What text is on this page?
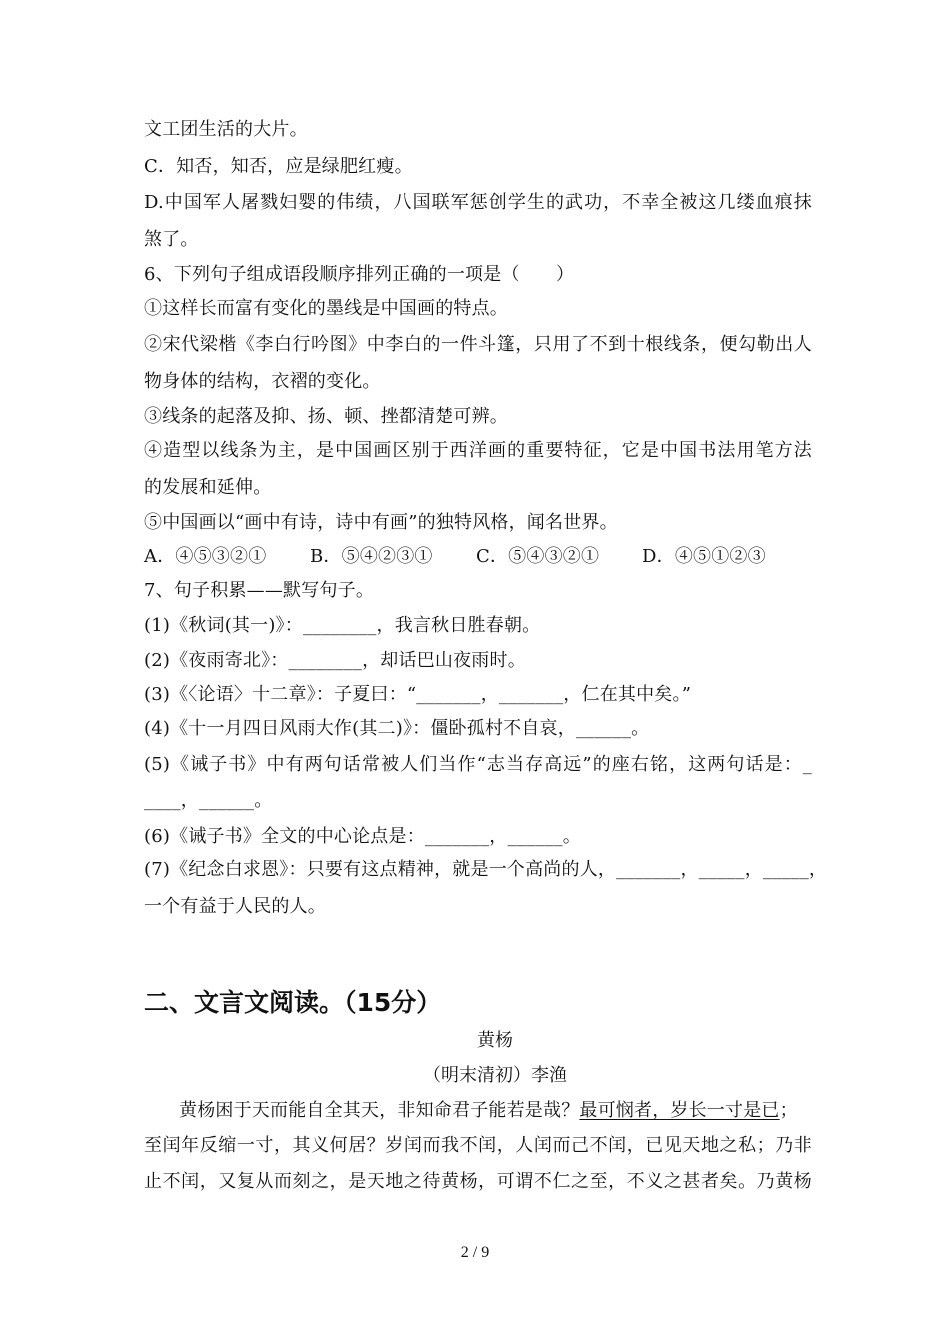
文工团生活的大片。
C．知否，知否，应是绿肥红瘦。
D.中国军人屠戮妇婴的伟绩，八国联军惩创学生的武功，不幸全被这几缕血痕抹
煞了。
6、下列句子组成语段顺序排列正确的一项是（　　）
①这样长而富有变化的墨线是中国画的特点。
②宋代梁楷《李白行吟图》中李白的一件斗篷，只用了不到十根线条，便勾勒出人
物身体的结构，衣褶的变化。
③线条的起落及抑、扬、顿、挫都清楚可辨。
④造型以线条为主，是中国画区别于西洋画的重要特征，它是中国书法用笔方法
的发展和延伸。
⑤中国画以“画中有诗，诗中有画”的独特风格，闻名世界。
A．④⑤③②① B．⑤④②③① C．⑤④③②① D．④⑤①②③
7、句子积累——默写句子。
(1)《秋词(其一)》：________，我言秋日胜春朝。
(2)《夜雨寄北》：________，却话巴山夜雨时。
(3)《〈论语〉十二章》：子夏曰：“_______，_______，仁在其中矣。”
(4)《十一月四日风雨大作(其二)》：僵卧孤村不自哀，______。
(5)《诫子书》中有两句话常被人们当作“志当存高远”的座右铭，这两句话是：_
____，______。
(6)《诫子书》全文的中心论点是：_______，______。
(7)《纪念白求恩》：只要有这点精神，就是一个高尚的人，_______，_____，_____，
一个有益于人民的人。
二、文言文阅读。（15分）
黄杨
（明末清初）李渔
黄杨困于天而能自全其天，非知命君子能若是哉？最可悯者，岁长一寸是已；
至闰年反缩一寸，其义何居？岁闰而我不闰，人闰而己不闰，已见天地之私；乃非
止不闰，又复从而刻之，是天地之待黄杨，可谓不仁之至，不义之甚者矣。乃黄杨
2 / 9
